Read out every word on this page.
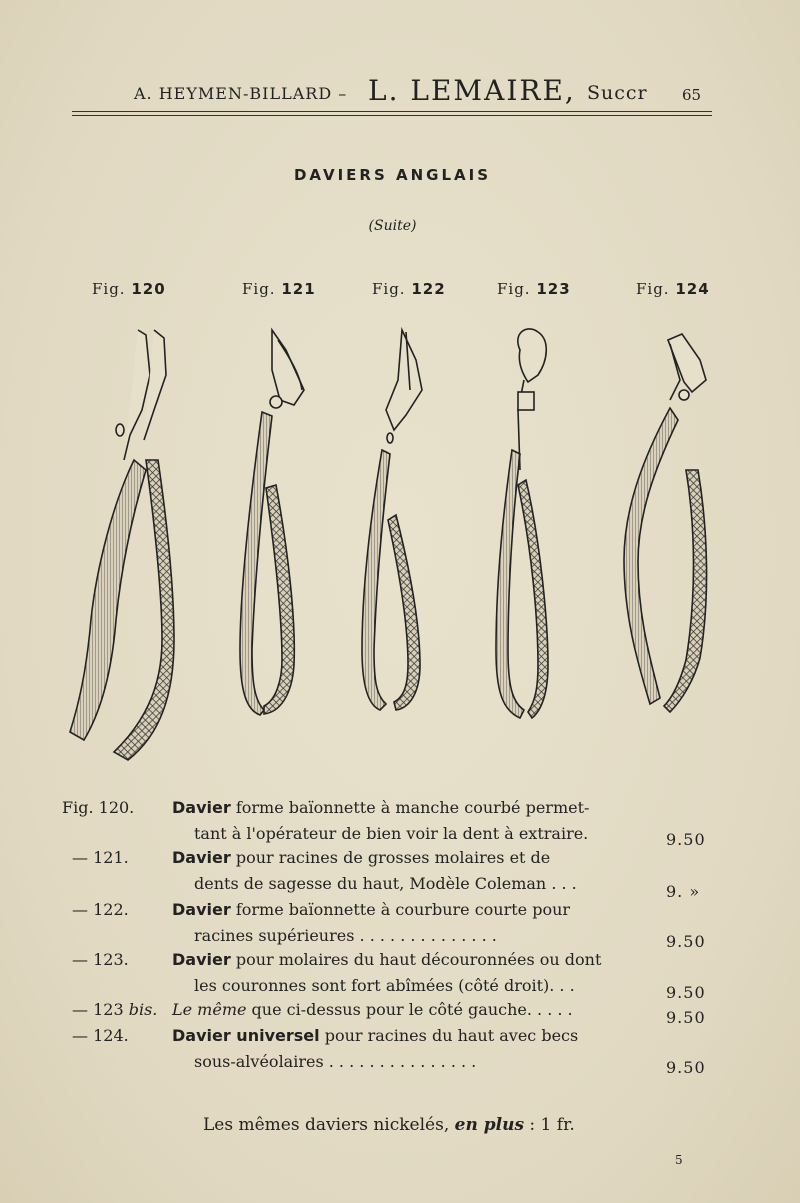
A. HEYMEN-BILLARD – L. LEMAIRE, Succr 65
DAVIERS ANGLAIS
(Suite)
Fig. 120	Fig. 121	Fig. 122	Fig. 123	Fig. 124
Fig. 120. Davier forme baïonnette à manche courbé permet-
tant à l'opérateur de bien voir la dent à extraire.	9.50
— 121.	Davier pour racines de grosses molaires et de
dents de sagesse du haut, Modèle Coleman . . .	9. »
— 122.	Davier forme baïonnette à courbure courte pour
racines supérieures . . . . . . . . . . . . . .	9.50
— 123.	Davier pour molaires du haut découronnées ou dont
les couronnes sont fort abîmées (côté droit). . .	9.50
— 123 bis. Le même que ci-dessus pour le côté gauche. . . . .	9.50
— 124.	Davier universel pour racines du haut avec becs
sous-alvéolaires . . . . . . . . . . . . . . .	9.50
Les mêmes daviers nickelés, en plus : 1 fr.
5
